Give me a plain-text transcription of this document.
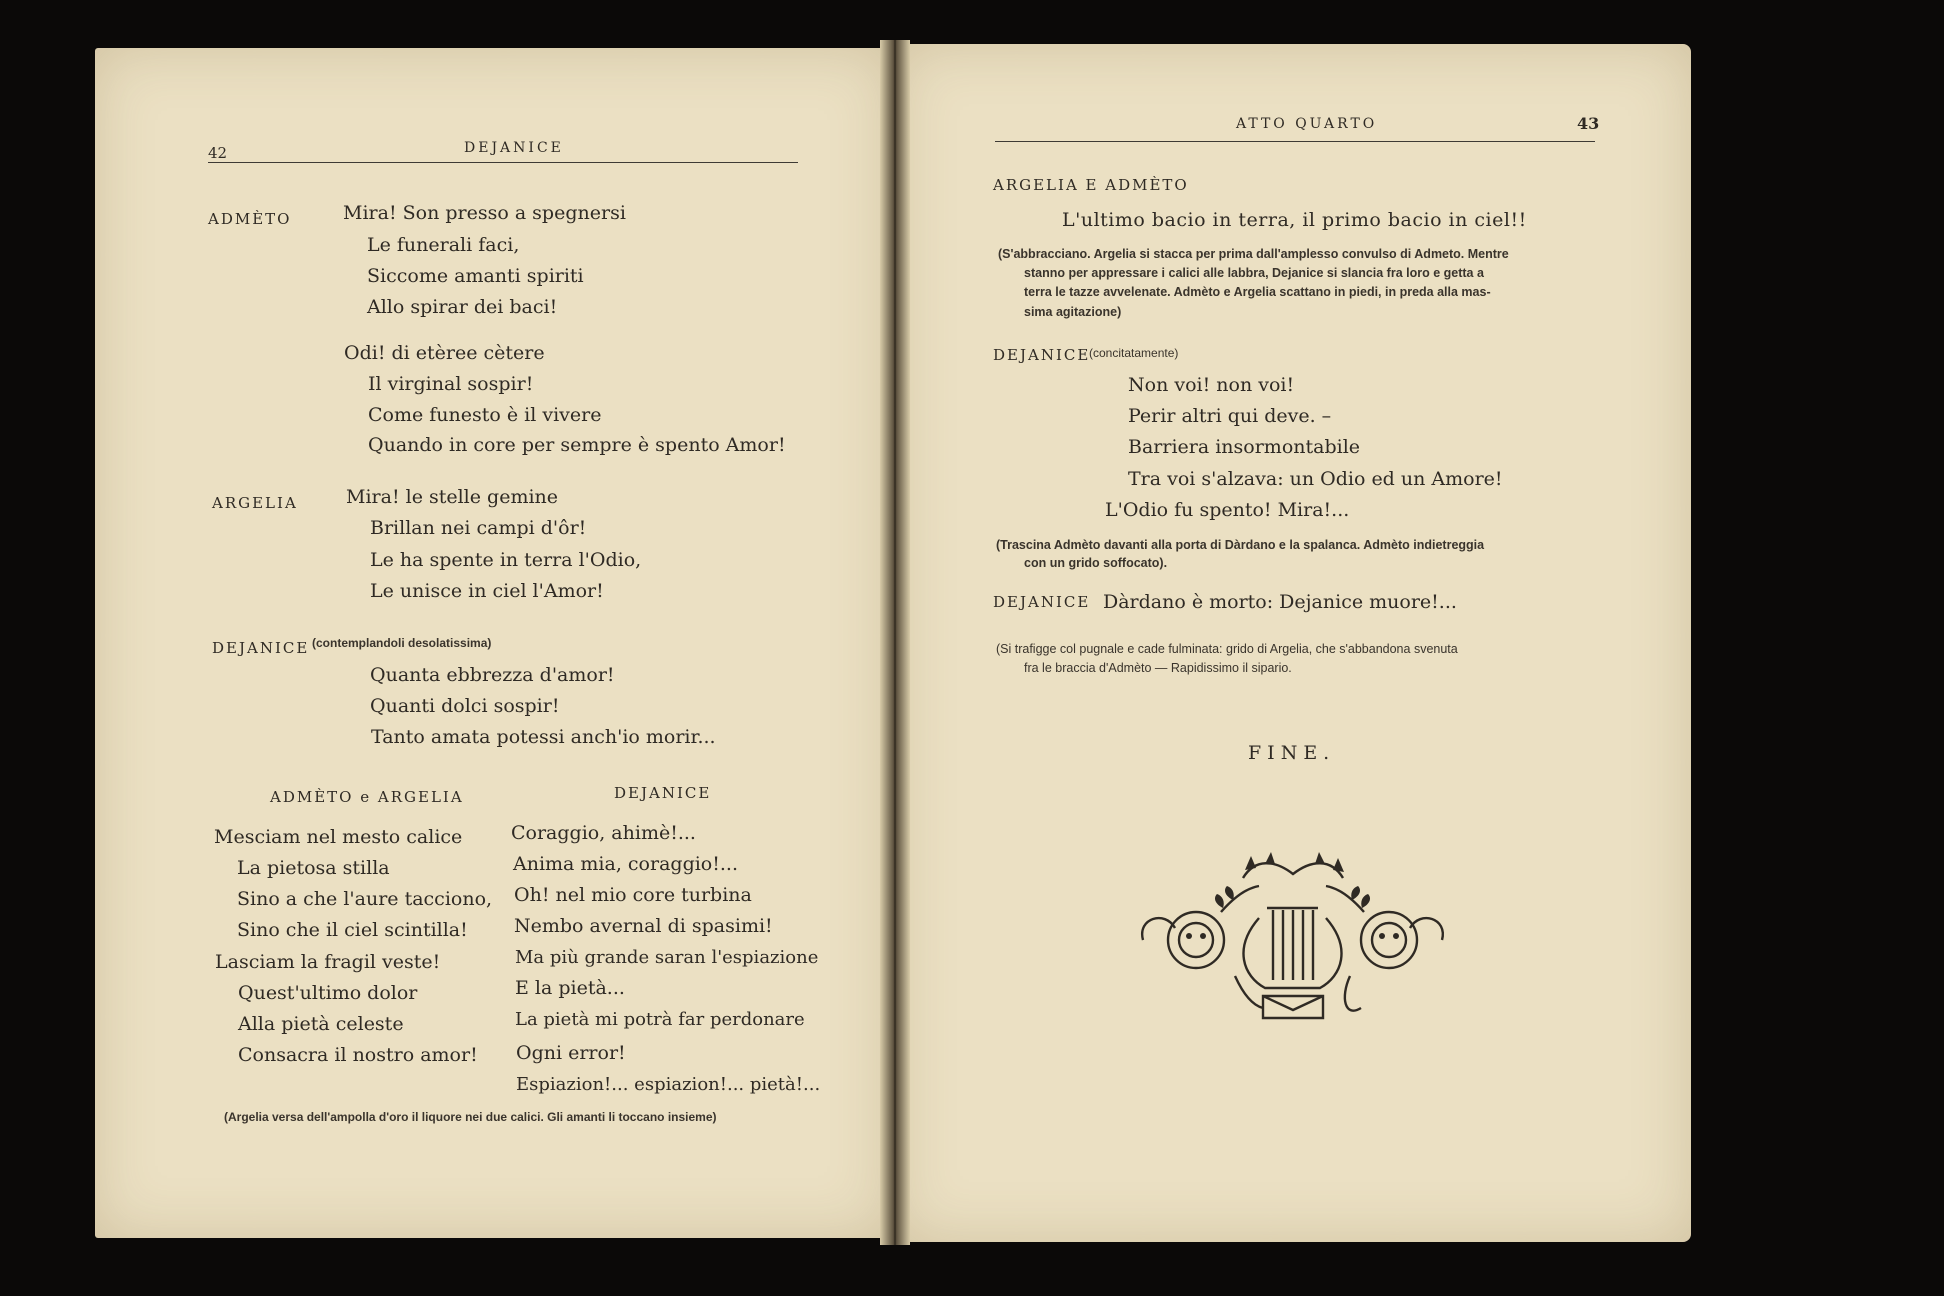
42	DEJANICE
ADMÈTO	Mira! Son presso a spegnersi
Le funerali faci,
Siccome amanti spiriti
Allo spirar dei baci!
Odi! di etèree cètere
Il virginal sospir!
Come funesto è il vivere
Quando in core per sempre è spento Amor!
ARGELIA	Mira! le stelle gemine
Brillan nei campi d'ôr!
Le ha spente in terra l'Odio,
Le unisce in ciel l'Amor!
DEJANICE (contemplandoli desolatissima)
Quanta ebbrezza d'amor!
Quanti dolci sospir!
Tanto amata potessi anch'io morir...
ADMÈTO e ARGELIA	DEJANICE
Mesciam nel mesto calice
La pietosa stilla
Sino a che l'aure tacciono,
Sino che il ciel scintilla!
Lasciam la fragil veste!
Quest'ultimo dolor
Alla pietà celeste
Consacra il nostro amor!
Coraggio, ahimè!...
Anima mia, coraggio!...
Oh! nel mio core turbina
Nembo avernal di spasimi!
Ma più grande saran l'espiazione
E la pietà...
La pietà mi potrà far perdonare
Ogni error!
Espiazion!... espiazion!... pietà!...
(Argelia versa dell'ampolla d'oro il liquore nei due calici. Gli amanti li toccano insieme)
ATTO QUARTO	43
ARGELIA E ADMÈTO
L'ultimo bacio in terra, il primo bacio in ciel!!
(S'abbracciano. Argelia si stacca per prima dall'amplesso convulso di Admeto. Mentre
stanno per appressare i calici alle labbra, Dejanice si slancia fra loro e getta a
terra le tazze avvelenate. Admèto e Argelia scattano in piedi, in preda alla mas-
sima agitazione)
DEJANICE
(concitatamente)
Non voi! non voi!
Perir altri qui deve. –
Barriera insormontabile
Tra voi s'alzava: un Odio ed un Amore!
L'Odio fu spento! Mira!...
(Trascina Admèto davanti alla porta di Dàrdano e la spalanca. Admèto indietreggia
con un grido soffocato).
DEJANICE Dàrdano è morto: Dejanice muore!...
(Si trafigge col pugnale e cade fulminata: grido di Argelia, che s'abbandona svenuta
fra le braccia d'Admèto — Rapidissimo il sipario.
FINE.
